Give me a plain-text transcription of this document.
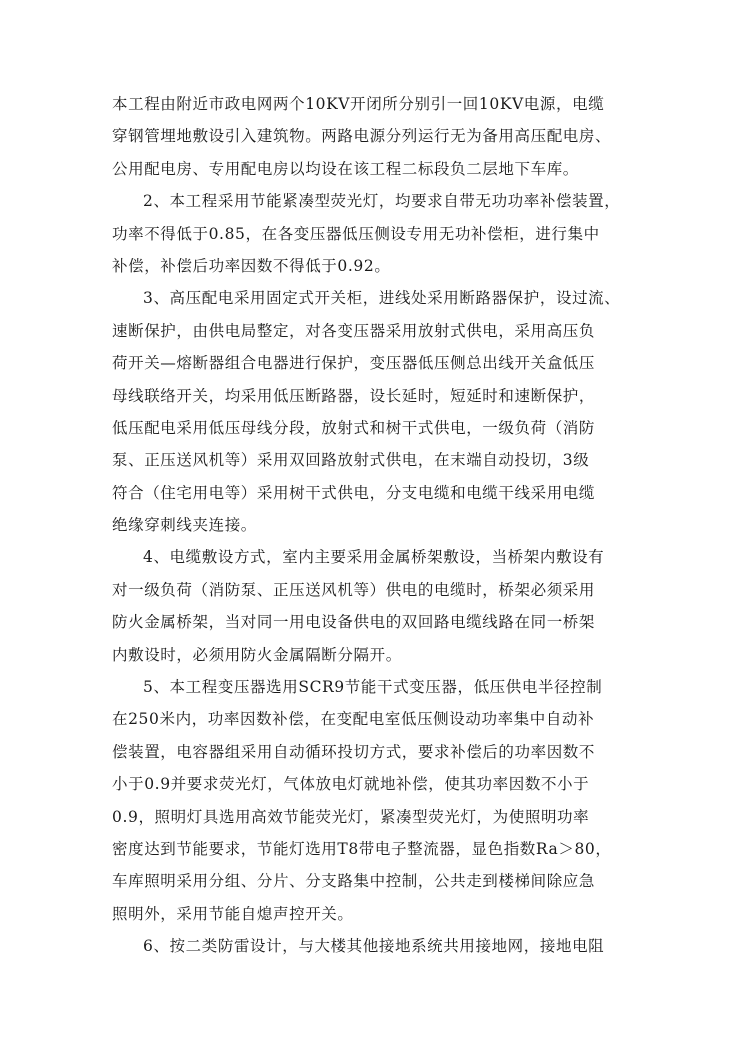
本工程由附近市政电网两个10KV开闭所分别引一回10KV电源，电缆
穿钢管埋地敷设引入建筑物。两路电源分列运行无为备用高压配电房、
公用配电房、专用配电房以均设在该工程二标段负二层地下车库。
2、本工程采用节能紧凑型荧光灯，均要求自带无功功率补偿装置，
功率不得低于0.85，在各变压器低压侧设专用无功补偿柜，进行集中
补偿，补偿后功率因数不得低于0.92。
3、高压配电采用固定式开关柜，进线处采用断路器保护，设过流、
速断保护，由供电局整定，对各变压器采用放射式供电，采用高压负
荷开关—熔断器组合电器进行保护，变压器低压侧总出线开关盒低压
母线联络开关，均采用低压断路器，设长延时，短延时和速断保护，
低压配电采用低压母线分段，放射式和树干式供电，一级负荷（消防
泵、正压送风机等）采用双回路放射式供电，在末端自动投切，3级
符合（住宅用电等）采用树干式供电，分支电缆和电缆干线采用电缆
绝缘穿刺线夹连接。
4、电缆敷设方式，室内主要采用金属桥架敷设，当桥架内敷设有
对一级负荷（消防泵、正压送风机等）供电的电缆时，桥架必须采用
防火金属桥架，当对同一用电设备供电的双回路电缆线路在同一桥架
内敷设时，必须用防火金属隔断分隔开。
5、本工程变压器选用SCR9节能干式变压器，低压供电半径控制
在250米内，功率因数补偿，在变配电室低压侧设动功率集中自动补
偿装置，电容器组采用自动循环投切方式，要求补偿后的功率因数不
小于0.9并要求荧光灯，气体放电灯就地补偿，使其功率因数不小于
0.9，照明灯具选用高效节能荧光灯，紧凑型荧光灯，为使照明功率
密度达到节能要求，节能灯选用T8带电子整流器，显色指数Ra＞80，
车库照明采用分组、分片、分支路集中控制，公共走到楼梯间除应急
照明外，采用节能自熄声控开关。
6、按二类防雷设计，与大楼其他接地系统共用接地网，接地电阻
